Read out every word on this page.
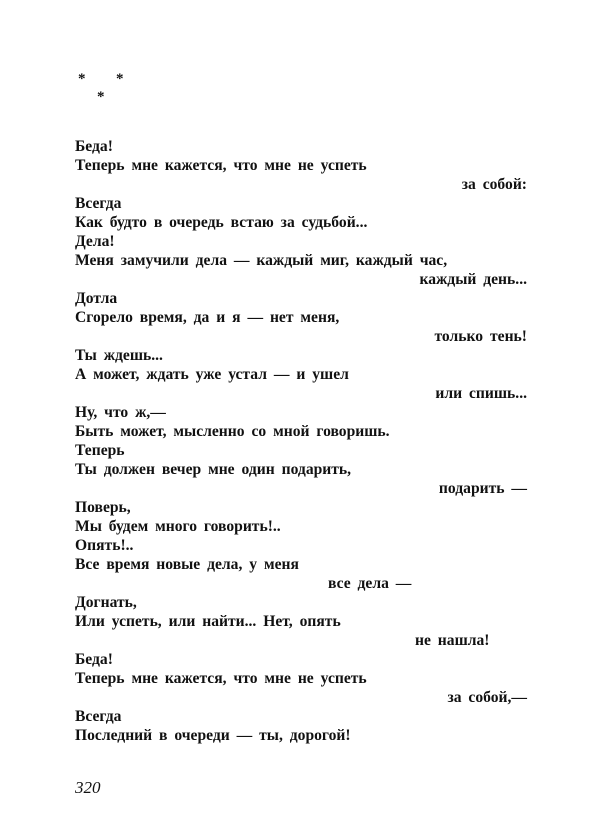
* *
*
Беда!
Теперь мне кажется, что мне не успеть
за собой:
Всегда
Как будто в очередь встаю за судьбой...
Дела!
Меня замучили дела — каждый миг, каждый час,
каждый день...
Дотла
Сгорело время, да и я — нет меня,
только тень!
Ты ждешь...
А может, ждать уже устал — и ушел
или спишь...
Ну, что ж,—
Быть может, мысленно со мной говоришь.
Теперь
Ты должен вечер мне один подарить,
подарить —
Поверь,
Мы будем много говорить!..
Опять!..
Все время новые дела, у меня
все дела —
Догнать,
Или успеть, или найти... Нет, опять
не нашла!
Беда!
Теперь мне кажется, что мне не успеть
за собой,—
Всегда
Последний в очереди — ты, дорогой!
320
